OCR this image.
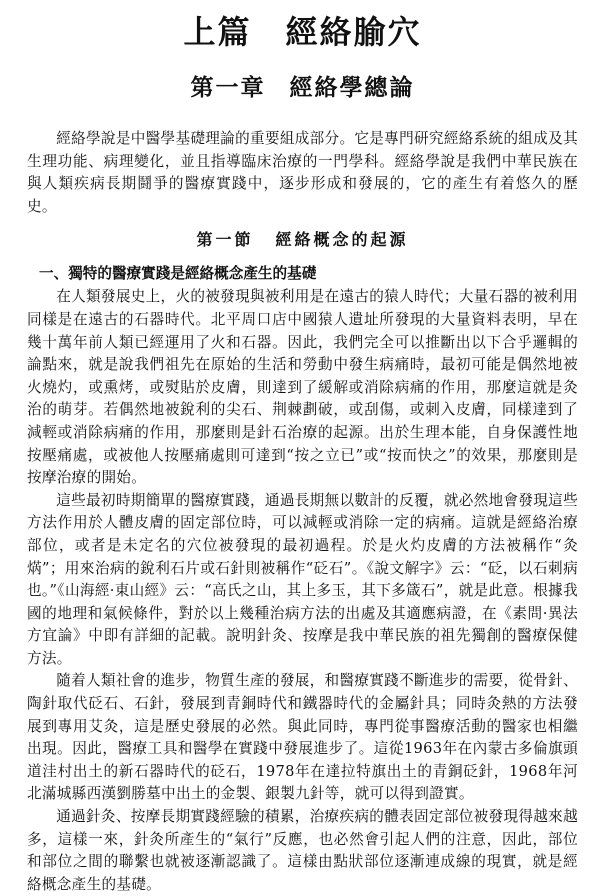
上篇 經絡腧穴
第一章 經絡學總論

經絡學說是中醫學基礎理論的重要組成部分。它是專門研究經絡系統的組成及其生理功能、病理變化，並且指導臨床治療的一門學科。經絡學說是我們中華民族在與人類疾病長期鬪爭的醫療實踐中，逐步形成和發展的，它的產生有着悠久的歷史。

第一節 經絡概念的起源
一、獨特的醫療實踐是經絡概念產生的基礎

在人類發展史上，火的被發現與被利用是在遠古的猿人時代；大量石器的被利用同樣是在遠古的石器時代。北平周口店中國猿人遺址所發現的大量資料表明，早在幾十萬年前人類已經運用了火和石器。因此，我們完全可以推斷出以下合乎邏輯的論點來，就是說我們祖先在原始的生活和勞動中發生病痛時，最初可能是偶然地被火燒灼，或熏烤，或熨貼於皮膚，則達到了緩解或消除病痛的作用，那麼這就是灸治的萌芽。若偶然地被銳利的尖石、荆棘劃破，或刮傷，或刺入皮膚，同樣達到了減輕或消除病痛的作用，那麼則是針石治療的起源。出於生理本能，自身保護性地按壓痛處，或被他人按壓痛處則可達到“按之立已”或“按而快之”的效果，那麼則是按摩治療的開始。

這些最初時期簡單的醫療實踐，通過長期無以數計的反覆，就必然地會發現這些方法作用於人體皮膚的固定部位時，可以減輕或消除一定的病痛。這就是經絡治療部位，或者是未定名的穴位被發現的最初過程。於是火灼皮膚的方法被稱作“灸焫”；用來治病的銳利石片或石針則被稱作“砭石”。《說文解字》云：“砭，以石刺病也。”《山海經·東山經》云：“高氏之山，其上多玉，其下多箴石”，就是此意。根據我國的地理和氣候條件，對於以上幾種治病方法的出處及其適應病證，在《素問·異法方宜論》中即有詳細的記載。說明針灸、按摩是我中華民族的祖先獨創的醫療保健方法。

隨着人類社會的進步，物質生產的發展，和醫療實踐不斷進步的需要，從骨針、陶針取代砭石、石針，發展到青銅時代和鐵器時代的金屬針具；同時灸熱的方法發展到專用艾灸，這是歷史發展的必然。與此同時，專門從事醫療活動的醫家也相繼出現。因此，醫療工具和醫學在實踐中發展進步了。這從1963年在內蒙古多倫旗頭道洼村出土的新石器時代的砭石，1978年在達拉特旗出土的青銅砭針，1968年河北滿城縣西漢劉勝墓中出土的金製、銀製九針等，就可以得到證實。

通過針灸、按摩長期實踐經驗的積累，治療疾病的體表固定部位被發現得越來越多，這樣一來，針灸所產生的“氣行”反應，也必然會引起人們的注意，因此，部位和部位之間的聯繫也就被逐漸認識了。這樣由點狀部位逐漸連成線的現實，就是經絡概念產生的基礎。
